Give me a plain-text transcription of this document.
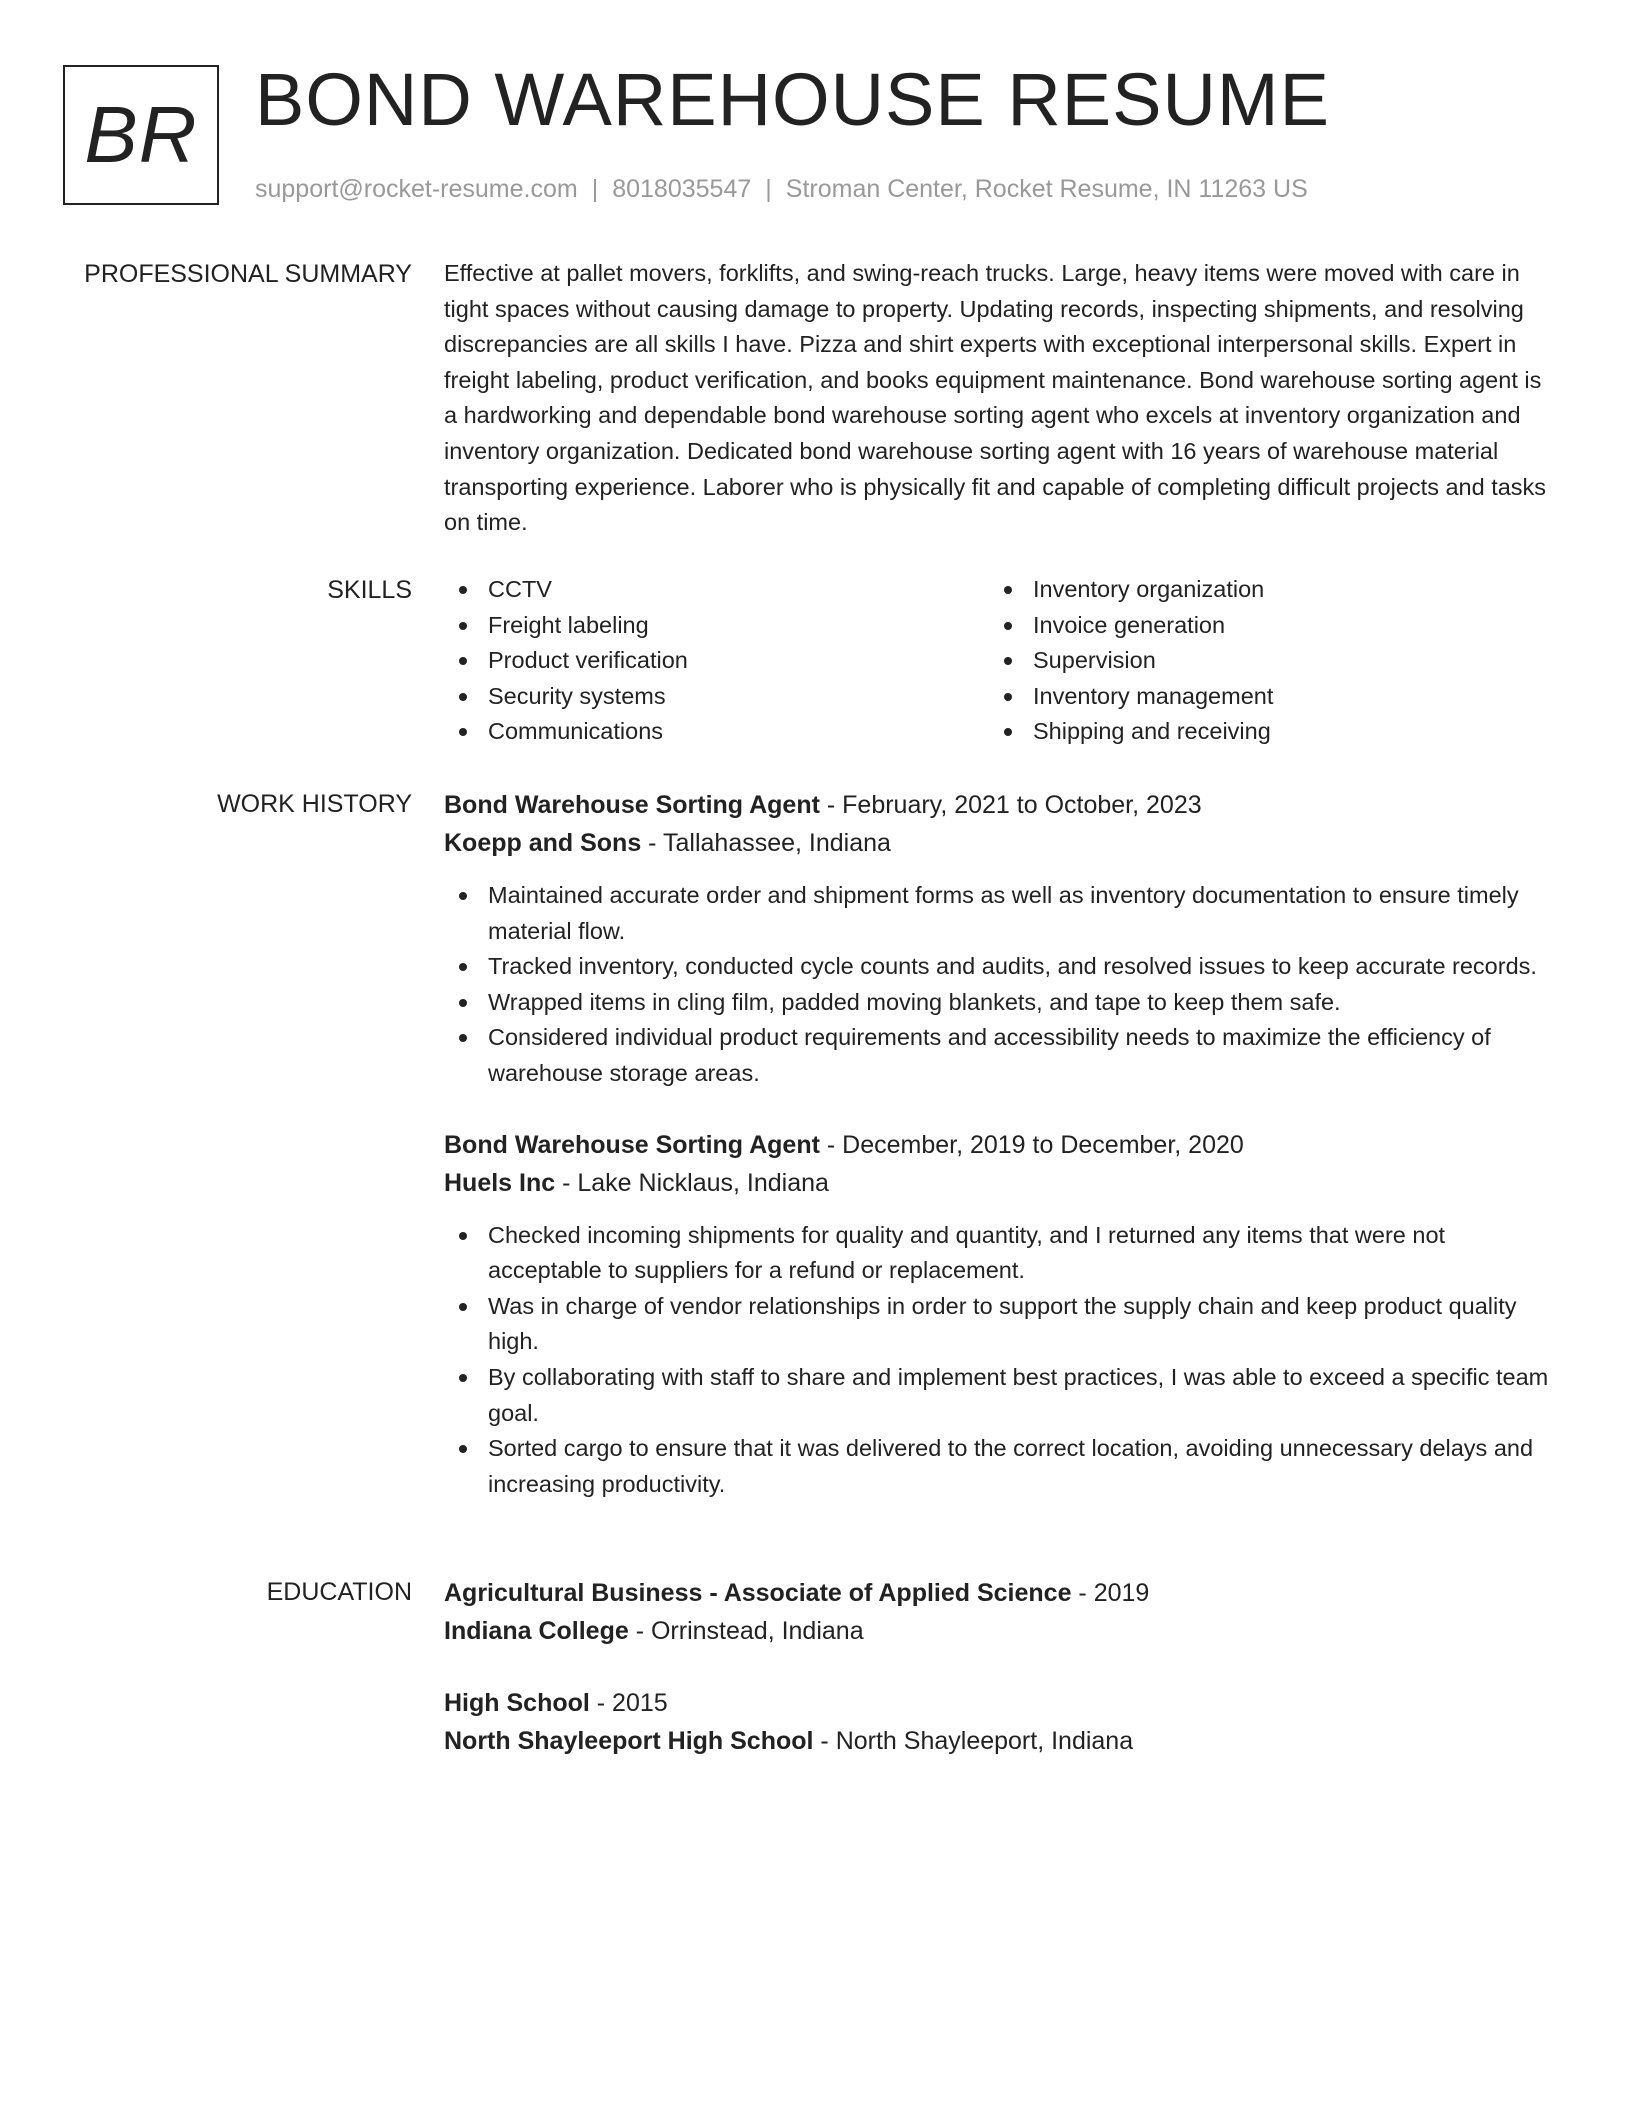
BR BOND WAREHOUSE RESUME
support@rocket-resume.com | 8018035547 | Stroman Center, Rocket Resume, IN 11263 US
PROFESSIONAL SUMMARY Effective at pallet movers, forklifts, and swing-reach trucks. Large, heavy items were moved with care in tight spaces without causing damage to property. Updating records, inspecting shipments, and resolving discrepancies are all skills I have. Pizza and shirt experts with exceptional interpersonal skills. Expert in freight labeling, product verification, and books equipment maintenance. Bond warehouse sorting agent is a hardworking and dependable bond warehouse sorting agent who excels at inventory organization and inventory organization. Dedicated bond warehouse sorting agent with 16 years of warehouse material transporting experience. Laborer who is physically fit and capable of completing difficult projects and tasks on time.

SKILLS	CCTV
Freight labeling
Product verification
Security systems
Communications
Inventory organization
Invoice generation
Supervision
Inventory management
Shipping and receiving
WORK HISTORY Bond Warehouse Sorting Agent - February, 2021 to October, 2023
Koepp and Sons - Tallahassee, Indiana
Maintained accurate order and shipment forms as well as inventory documentation to ensure timely material flow.
Tracked inventory, conducted cycle counts and audits, and resolved issues to keep accurate records.
Wrapped items in cling film, padded moving blankets, and tape to keep them safe.
Considered individual product requirements and accessibility needs to maximize the efficiency of warehouse storage areas.
Bond Warehouse Sorting Agent - December, 2019 to December, 2020
Huels Inc - Lake Nicklaus, Indiana
Checked incoming shipments for quality and quantity, and I returned any items that were not acceptable to suppliers for a refund or replacement.
Was in charge of vendor relationships in order to support the supply chain and keep product quality high.
By collaborating with staff to share and implement best practices, I was able to exceed a specific team goal.
Sorted cargo to ensure that it was delivered to the correct location, avoiding unnecessary delays and increasing productivity.
EDUCATION Agricultural Business - Associate of Applied Science - 2019
Indiana College - Orrinstead, Indiana
High School - 2015
North Shayleeport High School - North Shayleeport, Indiana
